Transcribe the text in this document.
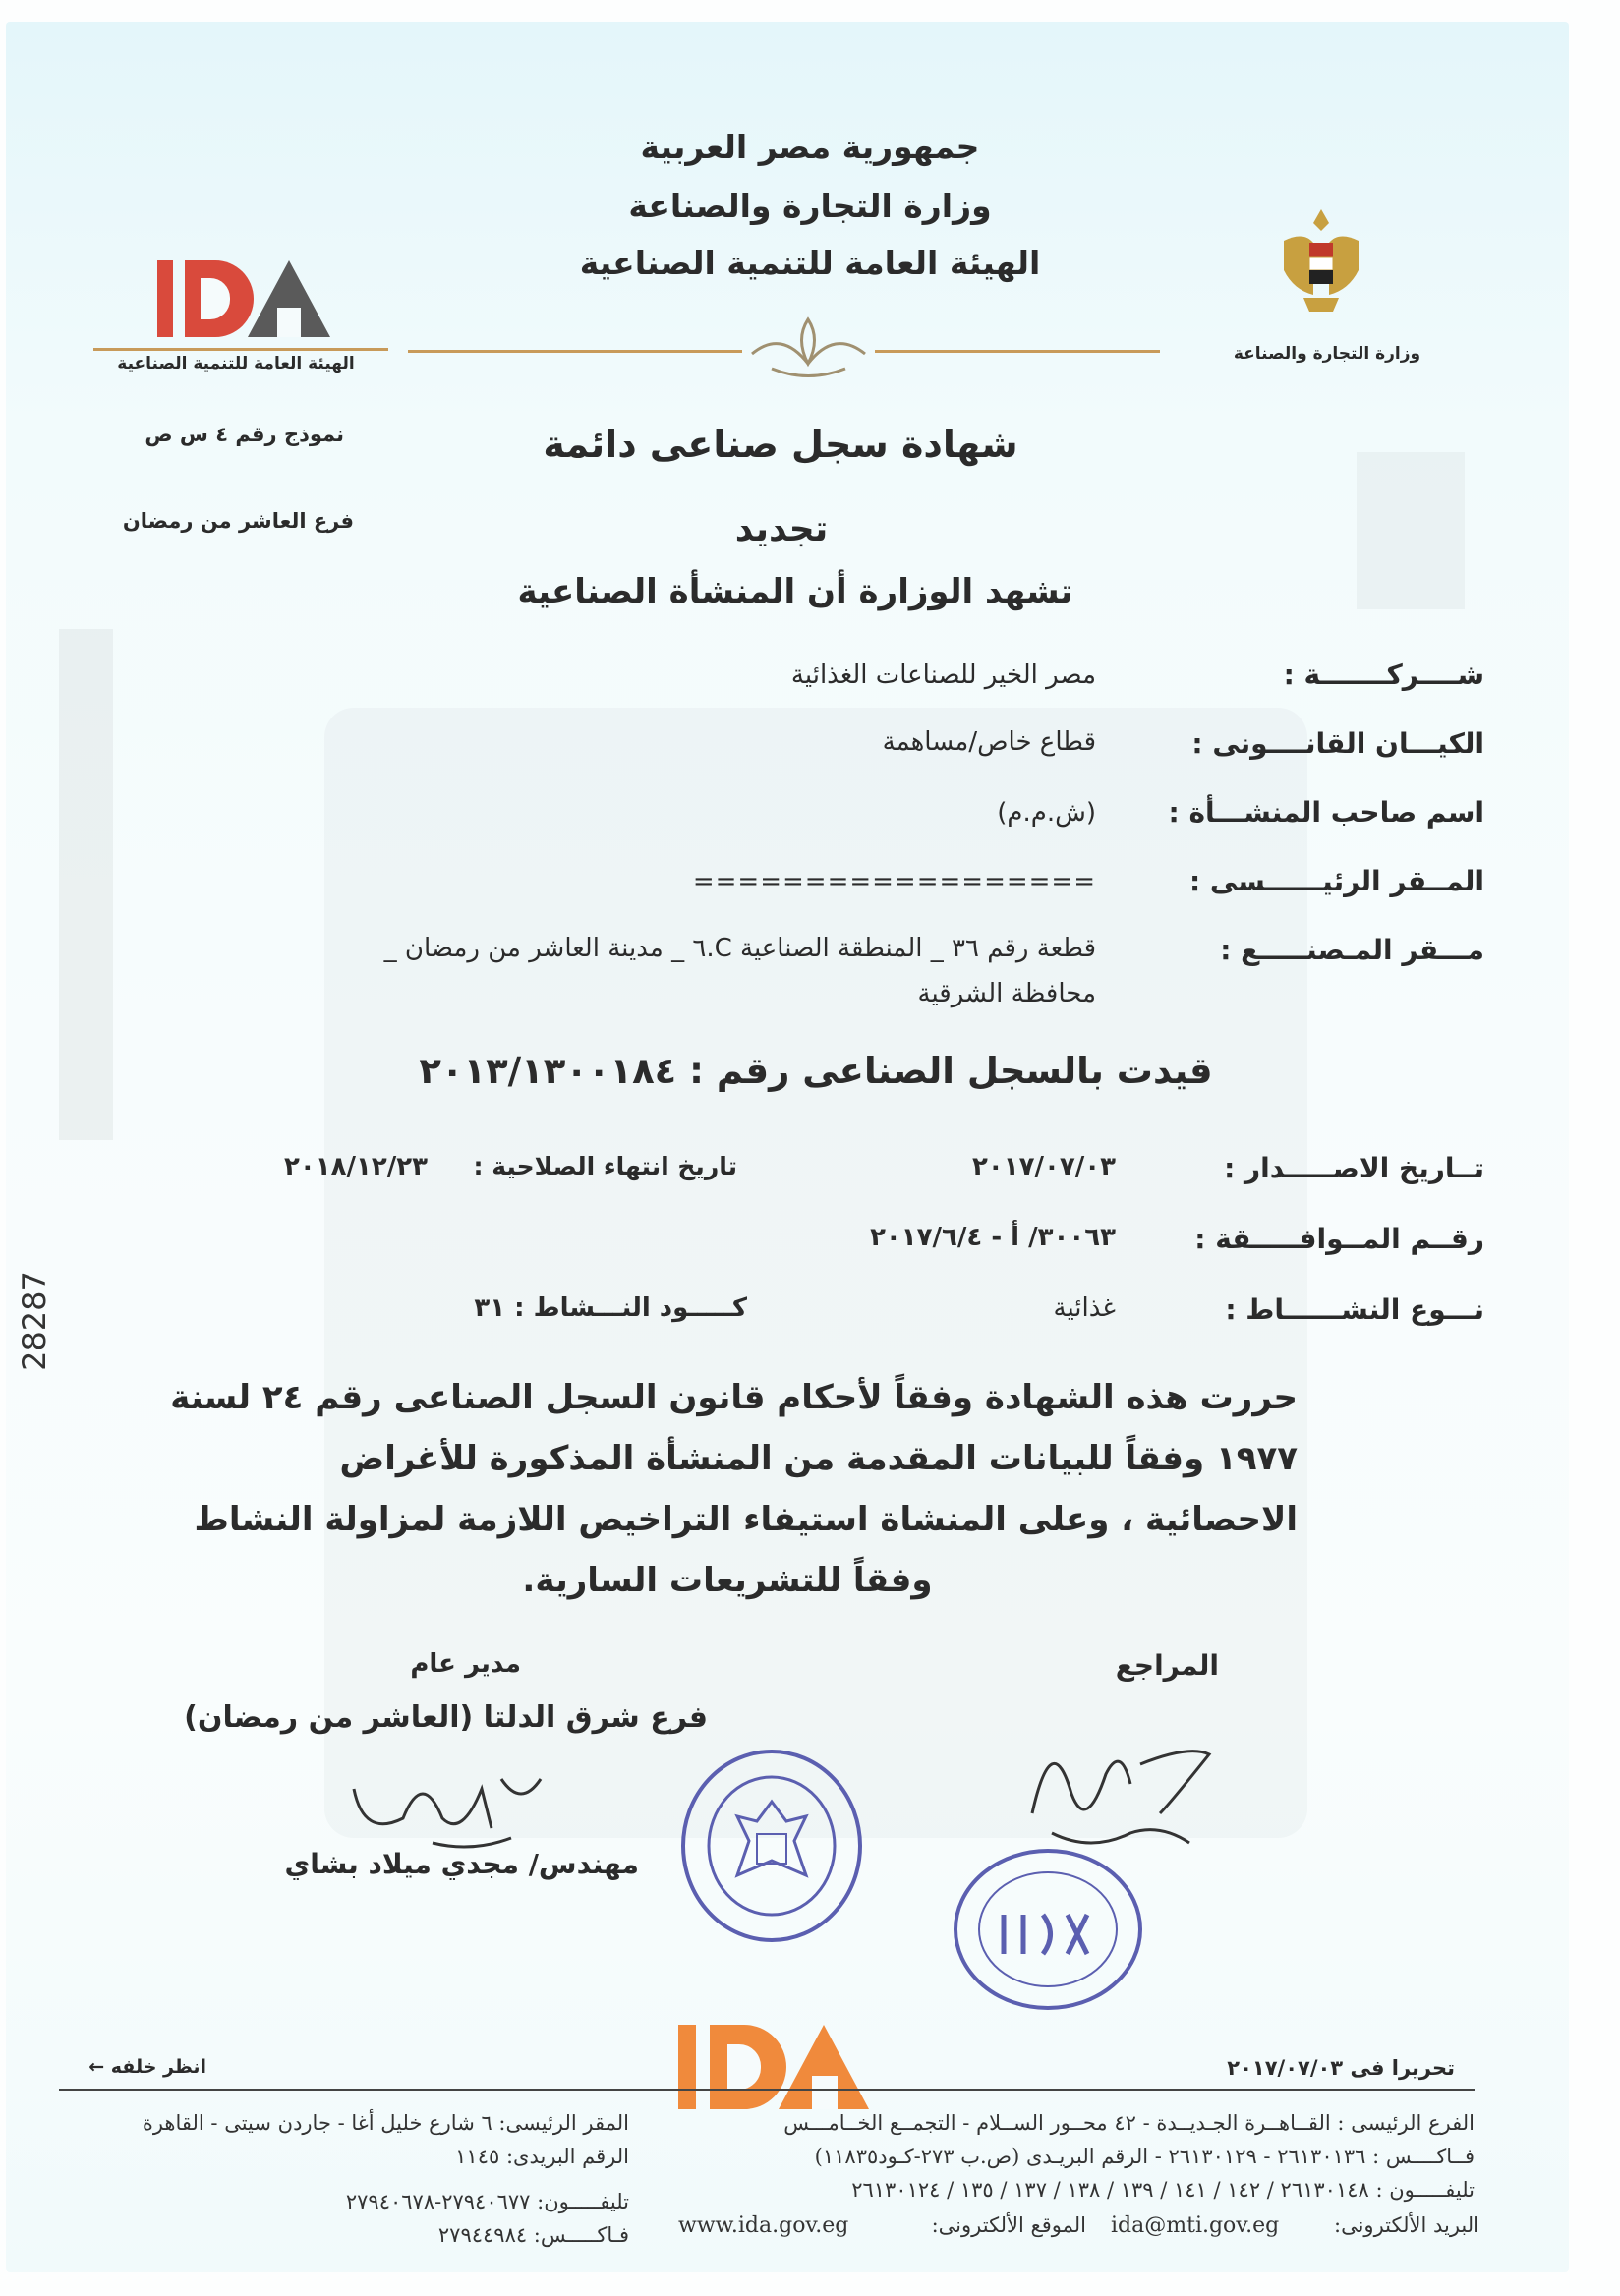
وزارة التجارة والصناعة
الهيئة العامة للتنمية الصناعية
جمهورية مصر العربية
وزارة التجارة والصناعة
الهيئة العامة للتنمية الصناعية
نموذج رقم ٤ س ص
فرع العاشر من رمضان
شهادة سجل صناعى دائمة
تجديد
تشهد الوزارة أن المنشأة الصناعية
شــــركـــــــة :
مصر الخير للصناعات الغذائية
الكيـــان القانــــونى :
قطاع خاص/مساهمة
اسم صاحب المنشـــأة :
(ش.م.م)
المــقر الرئيــــــسى :
==================
مـــقر المـصنـــــع :
قطعة رقم ٣٦ _ المنطقة الصناعية C.٦ _ مدينة العاشر من رمضان _
محافظة الشرقية
قيدت بالسجل الصناعى رقم : ٢٠١٣/١٣٠٠١٨٤
تــاريخ الاصـــــدار :
٢٠١٧/٠٧/٠٣
تاريخ انتهاء الصلاحية :
٢٠١٨/١٢/٢٣
رقــم المــوافـــــقة :
٣٠٠٦٣/ أ - ٢٠١٧/٦/٤
نـــوع النشــــــاط :
غذائية
كـــــود النـــشاط : ٣١
حررت هذه الشهادة وفقاً لأحكام قانون السجل الصناعى رقم ٢٤ لسنة
١٩٧٧ وفقاً للبيانات المقدمة من المنشأة المذكورة للأغراض
الاحصائية ، وعلى المنشاة استيفاء التراخيص اللازمة لمزاولة النشاط
وفقاً للتشريعات السارية.
المراجع
مدير عام
فرع شرق الدلتا (العاشر من رمضان)
مهندس/ مجدي ميلاد بشاي
28287
انظر خلفه ←	تحريرا فى ٢٠١٧/٠٧/٠٣
الفرع الرئيسى : القــاهــرة الجـديــدة - ٤٢ محــور الســلام - التجمــع الخــامـــس
فــاكــــس : ٢٦١٣٠١٣٦ - ٢٦١٣٠١٢٩ - الرقم البريـدى (ص.ب ٢٧٣-كـود١١٨٣٥)
تليفـــــون : ٢٦١٣٠١٤٨ / ١٤٢ / ١٤١ / ١٣٩ / ١٣٨ / ١٣٧ / ١٣٥ / ٢٦١٣٠١٢٤
البريد الألكترونى:
ida@mti.gov.eg
الموقع الألكترونى:
www.ida.gov.eg
المقر الرئيسى: ٦ شارع خليل أغا - جاردن سيتى - القاهرة
الرقم البريدى: ١١٤٥
تليفـــــون: ٢٧٩٤٠٦٧٧-٢٧٩٤٠٦٧٨
فـاكـــــس: ٢٧٩٤٤٩٨٤
